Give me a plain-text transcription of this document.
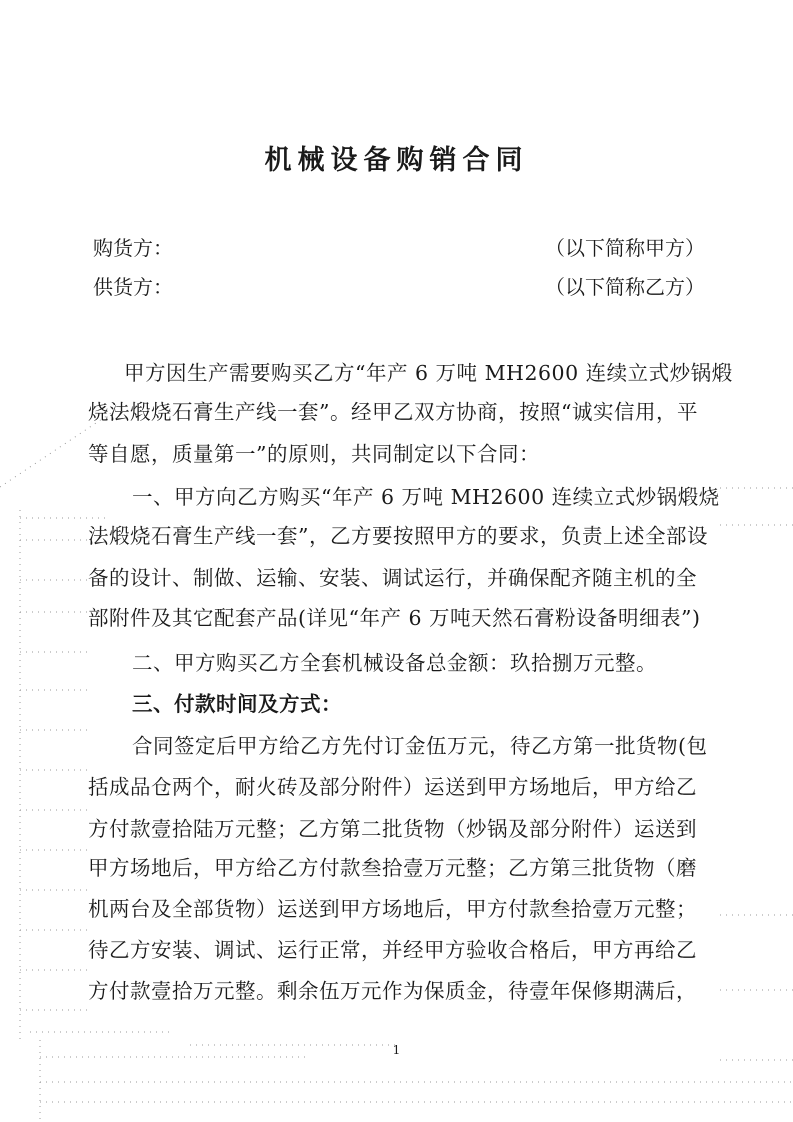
机械设备购销合同
购货方：	（以下简称甲方）
供货方：	（以下简称乙方）
甲方因生产需要购买乙方“年产 6 万吨 MH2600 连续立式炒锅煅
烧法煅烧石膏生产线一套”。经甲乙双方协商，按照“诚实信用，平
等自愿，质量第一”的原则，共同制定以下合同：
一、甲方向乙方购买“年产 6 万吨 MH2600 连续立式炒锅煅烧
法煅烧石膏生产线一套”，乙方要按照甲方的要求，负责上述全部设
备的设计、制做、运输、安装、调试运行，并确保配齐随主机的全
部附件及其它配套产品(详见“年产 6 万吨天然石膏粉设备明细表”)
二、甲方购买乙方全套机械设备总金额：玖拾捌万元整。
三、付款时间及方式：
合同签定后甲方给乙方先付订金伍万元，待乙方第一批货物(包
括成品仓两个，耐火砖及部分附件）运送到甲方场地后，甲方给乙
方付款壹拾陆万元整；乙方第二批货物（炒锅及部分附件）运送到
甲方场地后，甲方给乙方付款叁拾壹万元整；乙方第三批货物（磨
机两台及全部货物）运送到甲方场地后，甲方付款叁拾壹万元整；
待乙方安装、调试、运行正常，并经甲方验收合格后，甲方再给乙
方付款壹拾万元整。剩余伍万元作为保质金，待壹年保修期满后，
1
